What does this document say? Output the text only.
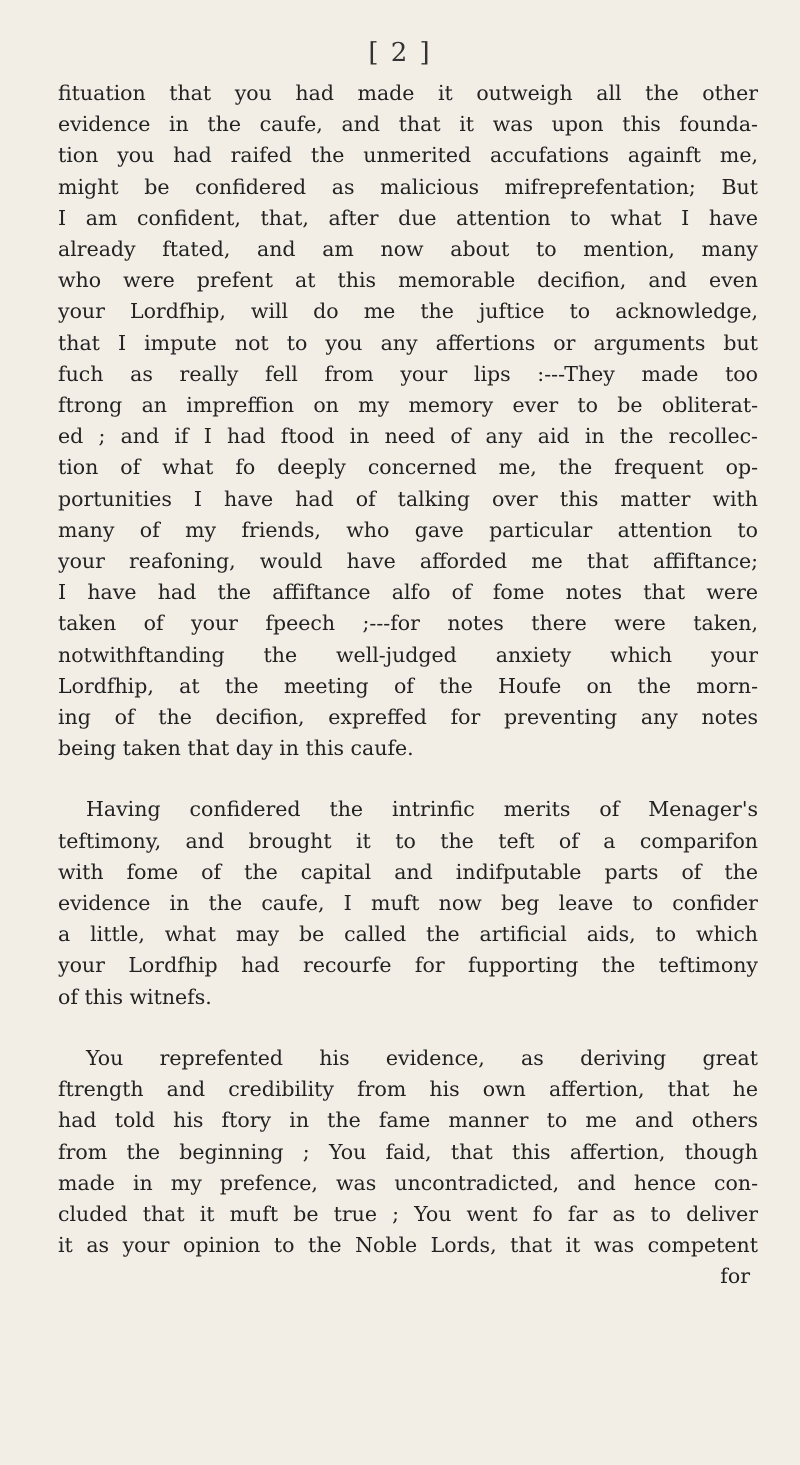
[ 2 ]
fituation that you had made it outweigh all the other
evidence in the caufe, and that it was upon this founda-
tion you had raifed the unmerited accufations againft me,
might be confidered as malicious mifreprefentation; But
I am confident, that, after due attention to what I have
already ftated, and am now about to mention, many
who were prefent at this memorable decifion, and even
your Lordfhip, will do me the juftice to acknowledge,
that I impute not to you any affertions or arguments but
fuch as really fell from your lips :---They made too
ftrong an impreffion on my memory ever to be obliterat-
ed ; and if I had ftood in need of any aid in the recollec-
tion of what fo deeply concerned me, the frequent op-
portunities I have had of talking over this matter with
many of my friends, who gave particular attention to
your reafoning, would have afforded me that affiftance;
I have had the affiftance alfo of fome notes that were
taken of your fpeech ;---for notes there were taken,
notwithftanding the well-judged anxiety which your
Lordfhip, at the meeting of the Houfe on the morn-
ing of the decifion, expreffed for preventing any notes
being taken that day in this caufe.
Having confidered the intrinfic merits of Menager's
teftimony, and brought it to the teft of a comparifon
with fome of the capital and indifputable parts of the
evidence in the caufe, I muft now beg leave to confider
a little, what may be called the artificial aids, to which
your Lordfhip had recourfe for fupporting the teftimony
of this witnefs.
You reprefented his evidence, as deriving great
ftrength and credibility from his own affertion, that he
had told his ftory in the fame manner to me and others
from the beginning ; You faid, that this affertion, though
made in my prefence, was uncontradicted, and hence con-
cluded that it muft be true ; You went fo far as to deliver
it as your opinion to the Noble Lords, that it was competent
for
